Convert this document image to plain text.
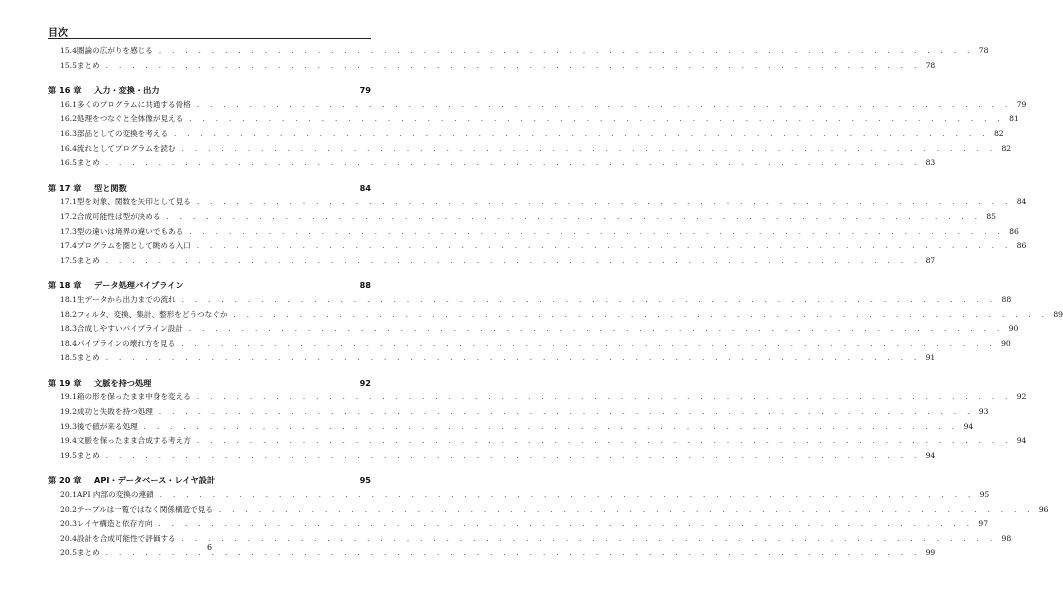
目次
15.4 圏論の広がりを感じる . . . . . . . . . . . . . . . . . . . . . . . . . . . . . . . . . . . . . . . . . . . . . . . . . . . . . . . . . . . . . . 78
15.5 まとめ . . . . . . . . . . . . . . . . . . . . . . . . . . . . . . . . . . . . . . . . . . . . . . . . . . . . . . . . . . . . . . 78
第 16 章	入力・変換・出力	79
16.1 多くのプログラムに共通する骨格 . . . . . . . . . . . . . . . . . . . . . . . . . . . . . . . . . . . . . . . . . . . . . . . . . . . . . . . . . . . . . . 79
16.2 処理をつなぐと全体像が見える . . . . . . . . . . . . . . . . . . . . . . . . . . . . . . . . . . . . . . . . . . . . . . . . . . . . . . . . . . . . . . 81
16.3 部品としての変換を考える . . . . . . . . . . . . . . . . . . . . . . . . . . . . . . . . . . . . . . . . . . . . . . . . . . . . . . . . . . . . . . 82
16.4 流れとしてプログラムを読む . . . . . . . . . . . . . . . . . . . . . . . . . . . . . . . . . . . . . . . . . . . . . . . . . . . . . . . . . . . . . . 82
16.5 まとめ . . . . . . . . . . . . . . . . . . . . . . . . . . . . . . . . . . . . . . . . . . . . . . . . . . . . . . . . . . . . . . 83
第 17 章	型と関数	84
17.1 型を対象、関数を矢印として見る . . . . . . . . . . . . . . . . . . . . . . . . . . . . . . . . . . . . . . . . . . . . . . . . . . . . . . . . . . . . . . 84
17.2 合成可能性は型が決める . . . . . . . . . . . . . . . . . . . . . . . . . . . . . . . . . . . . . . . . . . . . . . . . . . . . . . . . . . . . . . 85
17.3 型の違いは境界の違いでもある . . . . . . . . . . . . . . . . . . . . . . . . . . . . . . . . . . . . . . . . . . . . . . . . . . . . . . . . . . . . . . 86
17.4 プログラムを圏として眺める入口 . . . . . . . . . . . . . . . . . . . . . . . . . . . . . . . . . . . . . . . . . . . . . . . . . . . . . . . . . . . . . . 86
17.5 まとめ . . . . . . . . . . . . . . . . . . . . . . . . . . . . . . . . . . . . . . . . . . . . . . . . . . . . . . . . . . . . . . 87
第 18 章	データ処理パイプライン	88
18.1 生データから出力までの流れ . . . . . . . . . . . . . . . . . . . . . . . . . . . . . . . . . . . . . . . . . . . . . . . . . . . . . . . . . . . . . . 88
18.2 フィルタ、変換、集計、整形をどうつなぐか . . . . . . . . . . . . . . . . . . . . . . . . . . . . . . . . . . . . . . . . . . . . . . . . . . . . . . . . . . . . . . 89
18.3 合成しやすいパイプライン設計 . . . . . . . . . . . . . . . . . . . . . . . . . . . . . . . . . . . . . . . . . . . . . . . . . . . . . . . . . . . . . . 90
18.4 パイプラインの壊れ方を見る . . . . . . . . . . . . . . . . . . . . . . . . . . . . . . . . . . . . . . . . . . . . . . . . . . . . . . . . . . . . . . 90
18.5 まとめ . . . . . . . . . . . . . . . . . . . . . . . . . . . . . . . . . . . . . . . . . . . . . . . . . . . . . . . . . . . . . . 91
第 19 章	文脈を持つ処理	92
19.1 箱の形を保ったまま中身を変える . . . . . . . . . . . . . . . . . . . . . . . . . . . . . . . . . . . . . . . . . . . . . . . . . . . . . . . . . . . . . . 92
19.2 成功と失敗を持つ処理 . . . . . . . . . . . . . . . . . . . . . . . . . . . . . . . . . . . . . . . . . . . . . . . . . . . . . . . . . . . . . . 93
19.3 後で値が来る処理 . . . . . . . . . . . . . . . . . . . . . . . . . . . . . . . . . . . . . . . . . . . . . . . . . . . . . . . . . . . . . . 94
19.4 文脈を保ったまま合成する考え方 . . . . . . . . . . . . . . . . . . . . . . . . . . . . . . . . . . . . . . . . . . . . . . . . . . . . . . . . . . . . . . 94
19.5 まとめ . . . . . . . . . . . . . . . . . . . . . . . . . . . . . . . . . . . . . . . . . . . . . . . . . . . . . . . . . . . . . . 94
第 20 章	API・データベース・レイヤ設計	95
20.1 API 内部の変換の連鎖 . . . . . . . . . . . . . . . . . . . . . . . . . . . . . . . . . . . . . . . . . . . . . . . . . . . . . . . . . . . . . . 95
20.2 テーブルは一覧ではなく関係構造で見る . . . . . . . . . . . . . . . . . . . . . . . . . . . . . . . . . . . . . . . . . . . . . . . . . . . . . . . . . . . . . . 96
20.3 レイヤ構造と依存方向 . . . . . . . . . . . . . . . . . . . . . . . . . . . . . . . . . . . . . . . . . . . . . . . . . . . . . . . . . . . . . . 97
20.4 設計を合成可能性で評価する . . . . . . . . . . . . . . . . . . . . . . . . . . . . . . . . . . . . . . . . . . . . . . . . . . . . . . . . . . . . . . 98
20.5 まとめ . . . . . . . . . . . . . . . . . . . . . . . . . . . . . . . . . . . . . . . . . . . . . . . . . . . . . . . . . . . . . . 99
6
